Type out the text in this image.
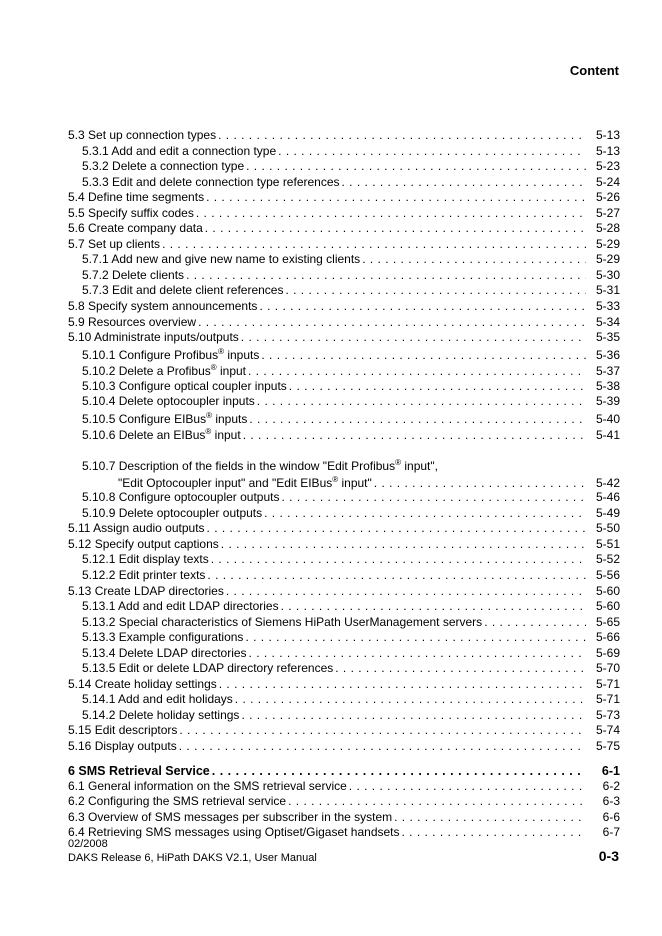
Content
5.3 Set up connection types . . .	5-13
5.3.1 Add and edit a connection type . . .	5-13
5.3.2 Delete a connection type . . .	5-23
5.3.3 Edit and delete connection type references . . .	5-24
5.4 Define time segments . . .	5-26
5.5 Specify suffix codes . . .	5-27
5.6 Create company data . . .	5-28
5.7 Set up clients . . .	5-29
5.7.1 Add new and give new name to existing clients . . .	5-29
5.7.2 Delete clients . . .	5-30
5.7.3 Edit and delete client references . . .	5-31
5.8 Specify system announcements . . .	5-33
5.9 Resources overview . . .	5-34
5.10 Administrate inputs/outputs . . .	5-35
5.10.1 Configure Profibus® inputs . . .	5-36
5.10.2 Delete a Profibus® input . . .	5-37
5.10.3 Configure optical coupler inputs . . .	5-38
5.10.4 Delete optocoupler inputs . . .	5-39
5.10.5 Configure EIBus® inputs . . .	5-40
5.10.6 Delete an EIBus® input . . .	5-41
5.10.7 Description of the fields in the window "Edit Profibus® input",
"Edit Optocoupler input" and "Edit EIBus® input" . . .	5-42
5.10.8 Configure optocoupler outputs . . .	5-46
5.10.9 Delete optocoupler outputs . . .	5-49
5.11 Assign audio outputs . . .	5-50
5.12 Specify output captions . . .	5-51
5.12.1 Edit display texts . . .	5-52
5.12.2 Edit printer texts . . .	5-56
5.13 Create LDAP directories . . .	5-60
5.13.1 Add and edit LDAP directories . . .	5-60
5.13.2 Special characteristics of Siemens HiPath UserManagement servers . . .	5-65
5.13.3 Example configurations . . .	5-66
5.13.4 Delete LDAP directories . . .	5-69
5.13.5 Edit or delete LDAP directory references . . .	5-70
5.14 Create holiday settings . . .	5-71
5.14.1 Add and edit holidays . . .	5-71
5.14.2 Delete holiday settings . . .	5-73
5.15 Edit descriptors . . .	5-74
5.16 Display outputs . . .	5-75
6 SMS Retrieval Service . . .	6-1
6.1 General information on the SMS retrieval service . . .	6-2
6.2 Configuring the SMS retrieval service . . .	6-3
6.3 Overview of SMS messages per subscriber in the system . . .	6-6
6.4 Retrieving SMS messages using Optiset/Gigaset handsets . . .	6-7
02/2008
DAKS Release 6, HiPath DAKS V2.1, User Manual	0-3
